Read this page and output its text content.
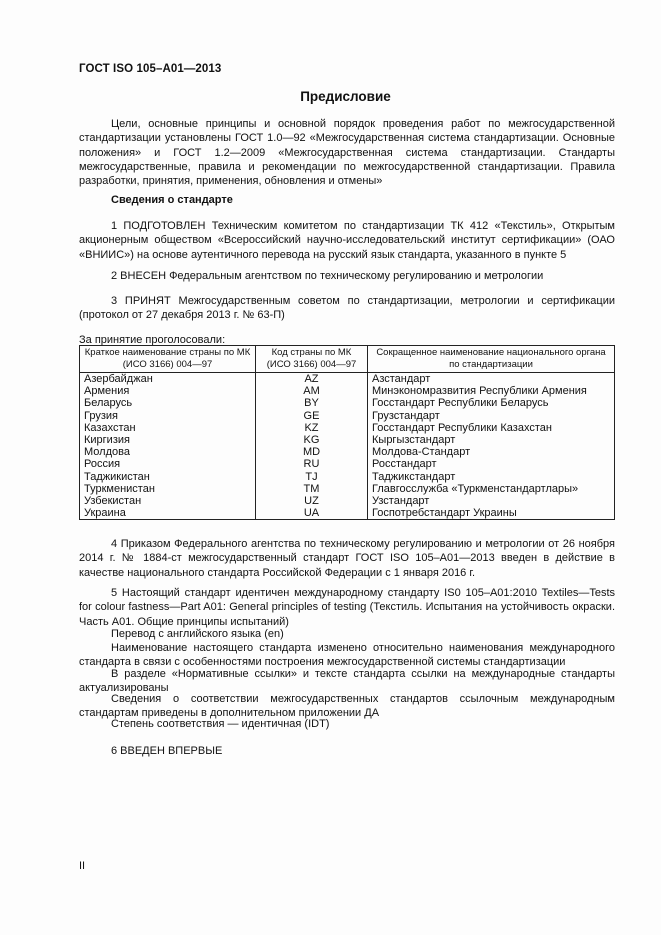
ГОСТ ISO 105–A01—2013
Предисловие
Цели, основные принципы и основной порядок проведения работ по межгосударственной стандартизации установлены ГОСТ 1.0—92 «Межгосударственная система стандартизации. Основные положения» и ГОСТ 1.2—2009 «Межгосударственная система стандартизации. Стандарты межгосударственные, правила и рекомендации по межгосударственной стандартизации. Правила разработки, принятия, применения, обновления и отмены»
Сведения о стандарте
1 ПОДГОТОВЛЕН Техническим комитетом по стандартизации ТК 412 «Текстиль», Открытым акционерным обществом «Всероссийский научно-исследовательский институт сертификации» (ОАО «ВНИИС») на основе аутентичного перевода на русский язык стандарта, указанного в пункте 5
2 ВНЕСЕН Федеральным агентством по техническому регулированию и метрологии
3 ПРИНЯТ Межгосударственным советом по стандартизации, метрологии и сертификации (протокол от 27 декабря 2013 г. № 63-П)
За принятие проголосовали:
Краткое наименование страны по МК (ИСО 3166) 004—97	Код страны по МК (ИСО 3166) 004—97	Сокращенное наименование национального органа по стандартизации
Азербайджан	AZ	Азстандарт
Армения	AM	Минэкономразвития Республики Армения
Беларусь	BY	Госстандарт Республики Беларусь
Грузия	GE	Грузстандарт
Казахстан	KZ	Госстандарт Республики Казахстан
Киргизия	KG	Кыргызстандарт
Молдова	MD	Молдова-Стандарт
Россия	RU	Росстандарт
Таджикистан	TJ	Таджикстандарт
Туркменистан	TM	Главгосслужба «Туркменстандартлары»
Узбекистан	UZ	Узстандарт
Украина	UA	Госпотребстандарт Украины
4 Приказом Федерального агентства по техническому регулированию и метрологии от 26 ноября 2014 г. № 1884-ст межгосударственный стандарт ГОСТ ISO 105–A01—2013 введен в действие в качестве национального стандарта Российской Федерации с 1 января 2016 г.
5 Настоящий стандарт идентичен международному стандарту IS0 105–A01:2010 Textiles—Tests for colour fastness—Part A01: General principles of testing (Текстиль. Испытания на устойчивость окраски. Часть A01. Общие принципы испытаний)
Перевод с английского языка (en)
Наименование настоящего стандарта изменено относительно наименования международного стандарта в связи с особенностями построения межгосударственной системы стандартизации
В разделе «Нормативные ссылки» и тексте стандарта ссылки на международные стандарты актуализированы
Сведения о соответствии межгосударственных стандартов ссылочным международным стандартам приведены в дополнительном приложении ДА
Степень соответствия — идентичная (IDT)
6 ВВЕДЕН ВПЕРВЫЕ
II
